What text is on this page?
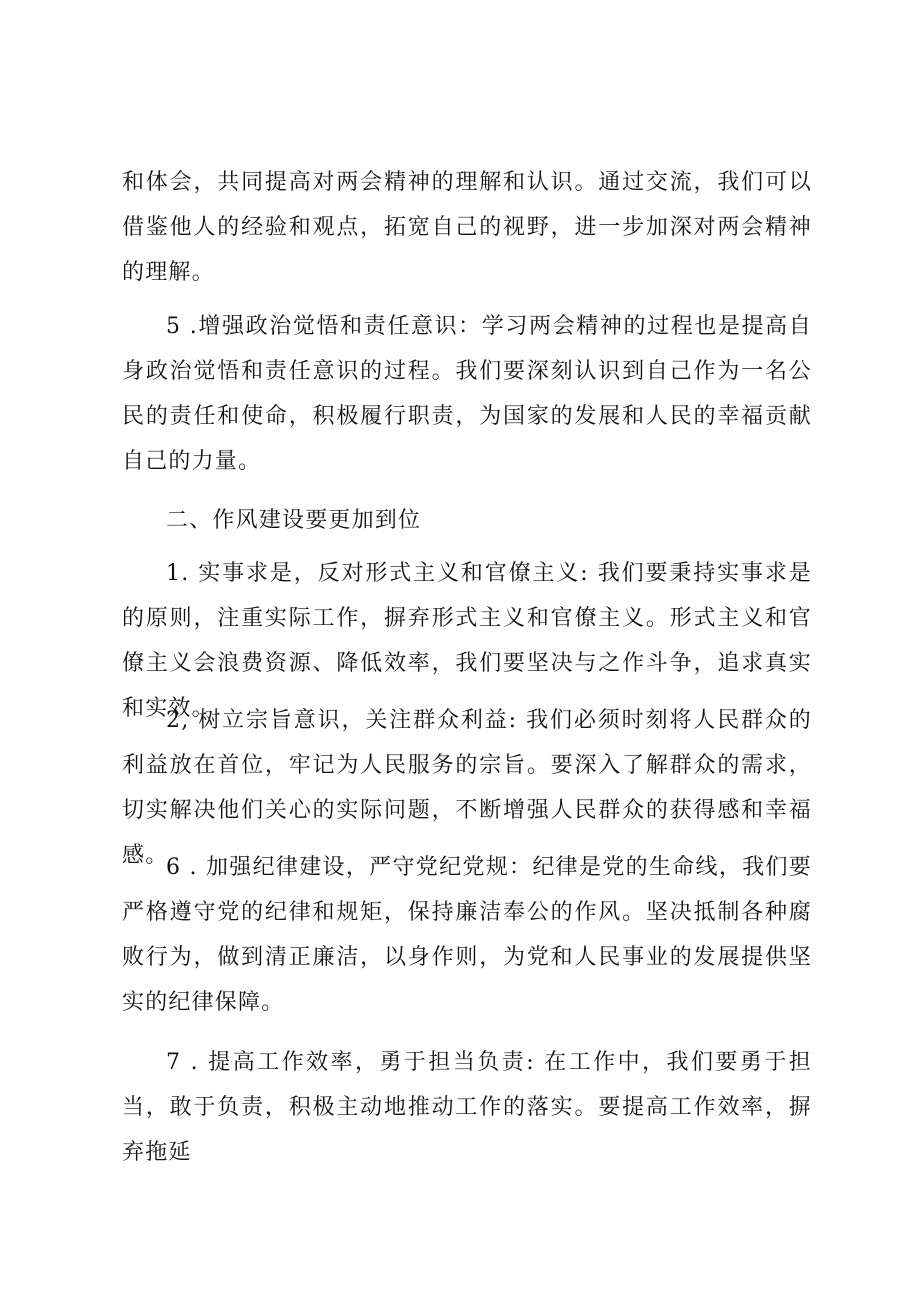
和体会，共同提高对两会精神的理解和认识。通过交流，我们可以借鉴他人的经验和观点，拓宽自己的视野，进一步加深对两会精神的理解。

5 .增强政治觉悟和责任意识：学习两会精神的过程也是提高自身政治觉悟和责任意识的过程。我们要深刻认识到自己作为一名公民的责任和使命，积极履行职责，为国家的发展和人民的幸福贡献自己的力量。

二、作风建设要更加到位

1. 实事求是，反对形式主义和官僚主义: 我们要秉持实事求是的原则，注重实际工作，摒弃形式主义和官僚主义。形式主义和官僚主义会浪费资源、降低效率，我们要坚决与之作斗争，追求真实和实效。

2, 树立宗旨意识，关注群众利益: 我们必须时刻将人民群众的利益放在首位，牢记为人民服务的宗旨。要深入了解群众的需求，切实解决他们关心的实际问题，不断增强人民群众的获得感和幸福感。

6 . 加强纪律建设，严守党纪党规：纪律是党的生命线，我们要严格遵守党的纪律和规矩，保持廉洁奉公的作风。坚决抵制各种腐败行为，做到清正廉洁，以身作则，为党和人民事业的发展提供坚实的纪律保障。

7 . 提高工作效率，勇于担当负责: 在工作中，我们要勇于担当，敢于负责，积极主动地推动工作的落实。要提高工作效率，摒弃拖延
